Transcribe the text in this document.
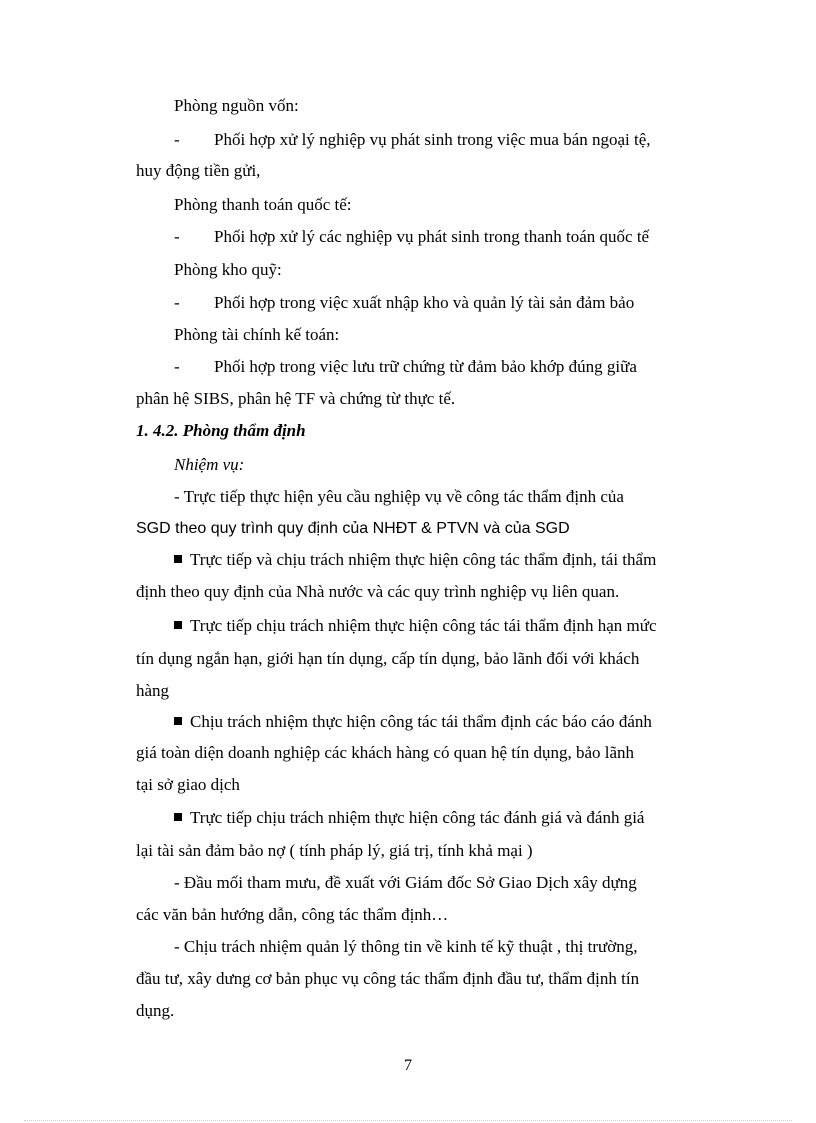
Phòng nguồn vốn:
- Phối hợp xử lý nghiệp vụ phát sinh trong việc mua bán ngoại tệ,
huy động tiền gửi,
Phòng thanh toán quốc tế:
- Phối hợp xử lý các nghiệp vụ phát sinh trong thanh toán quốc tế
Phòng kho quỹ:
- Phối hợp trong việc xuất nhập kho và quản lý tài sản đảm bảo
Phòng tài chính kế toán:
- Phối hợp trong việc lưu trữ chứng từ đảm bảo khớp đúng giữa
phân hệ SIBS, phân hệ TF và chứng từ thực tế.
1. 4.2. Phòng thẩm định
Nhiệm vụ:
- Trực tiếp thực hiện yêu cầu nghiệp vụ về công tác thẩm định của
SGD theo quy trình quy định của NHĐT & PTVN và của SGD
Trực tiếp và chịu trách nhiệm thực hiện công tác thẩm định, tái thẩm
định theo quy định của Nhà nước và các quy trình nghiệp vụ liên quan.
Trực tiếp chịu trách nhiệm thực hiện công tác tái thẩm định hạn mức
tín dụng ngắn hạn, giới hạn tín dụng, cấp tín dụng, bảo lãnh đối với khách
hàng
Chịu trách nhiệm thực hiện công tác tái thẩm định các báo cáo đánh
giá toàn diện doanh nghiệp các khách hàng có quan hệ tín dụng, bảo lãnh
tại sở giao dịch
Trực tiếp chịu trách nhiệm thực hiện công tác đánh giá và đánh giá
lại tài sản đảm bảo nợ ( tính pháp lý, giá trị, tính khả mại )
- Đầu mối tham mưu, đề xuất với Giám đốc Sở Giao Dịch xây dựng
các văn bản hướng dẫn, công tác thẩm định…
- Chịu trách nhiệm quản lý thông tin về kinh tế kỹ thuật , thị trường,
đầu tư, xây dưng cơ bản phục vụ công tác thẩm định đầu tư, thẩm định tín
dụng.
7
